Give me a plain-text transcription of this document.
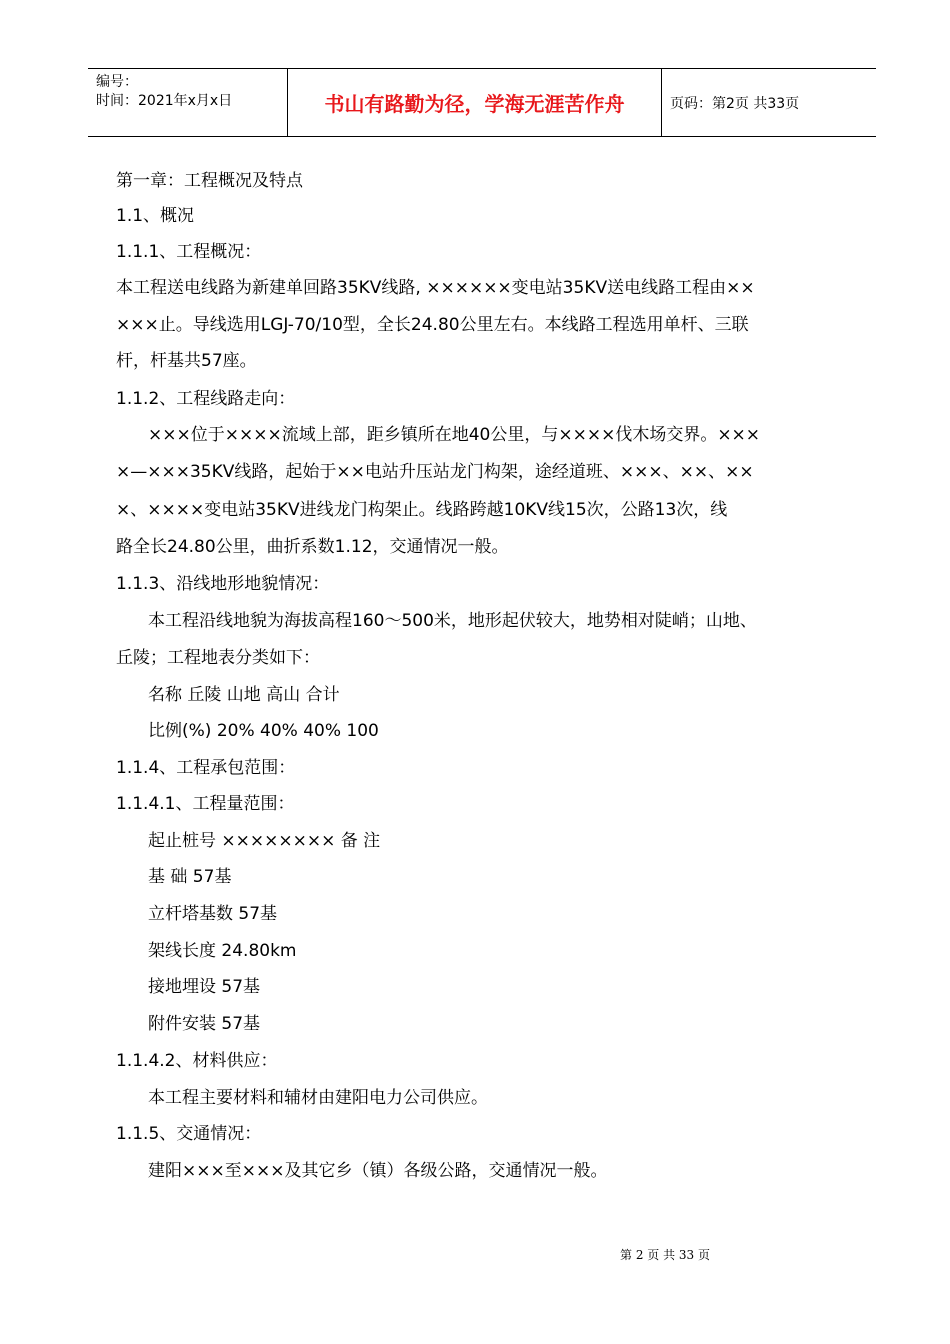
编号：
时间：2021年x月x日	书山有路勤为径，学海无涯苦作舟	页码：第2页 共33页
第一章：工程概况及特点
1.1、概况
1.1.1、工程概况：
本工程送电线路为新建单回路35KV线路, ××××××变电站35KV送电线路工程由××
×××止。导线选用LGJ-70/10型，全长24.80公里左右。本线路工程选用单杆、三联
杆，杆基共57座。
1.1.2、工程线路走向：
×××位于××××流域上部，距乡镇所在地40公里，与××××伐木场交界。×××
×—×××35KV线路，起始于××电站升压站龙门构架，途经道班、×××、××、××
×、××××变电站35KV进线龙门构架止。线路跨越10KV线15次，公路13次，线
路全长24.80公里，曲折系数1.12，交通情况一般。
1.1.3、沿线地形地貌情况：
本工程沿线地貌为海拔高程160～500米，地形起伏较大，地势相对陡峭；山地、
丘陵；工程地表分类如下：
名称 丘陵 山地 高山 合计
比例(%) 20% 40% 40% 100
1.1.4、工程承包范围：
1.1.4.1、工程量范围：
起止桩号 ×××××××× 备 注
基 础 57基
立杆塔基数 57基
架线长度 24.80km
接地埋设 57基
附件安装 57基
1.1.4.2、材料供应：
本工程主要材料和辅材由建阳电力公司供应。
1.1.5、交通情况：
建阳×××至×××及其它乡（镇）各级公路，交通情况一般。
第 2 页 共 33 页
